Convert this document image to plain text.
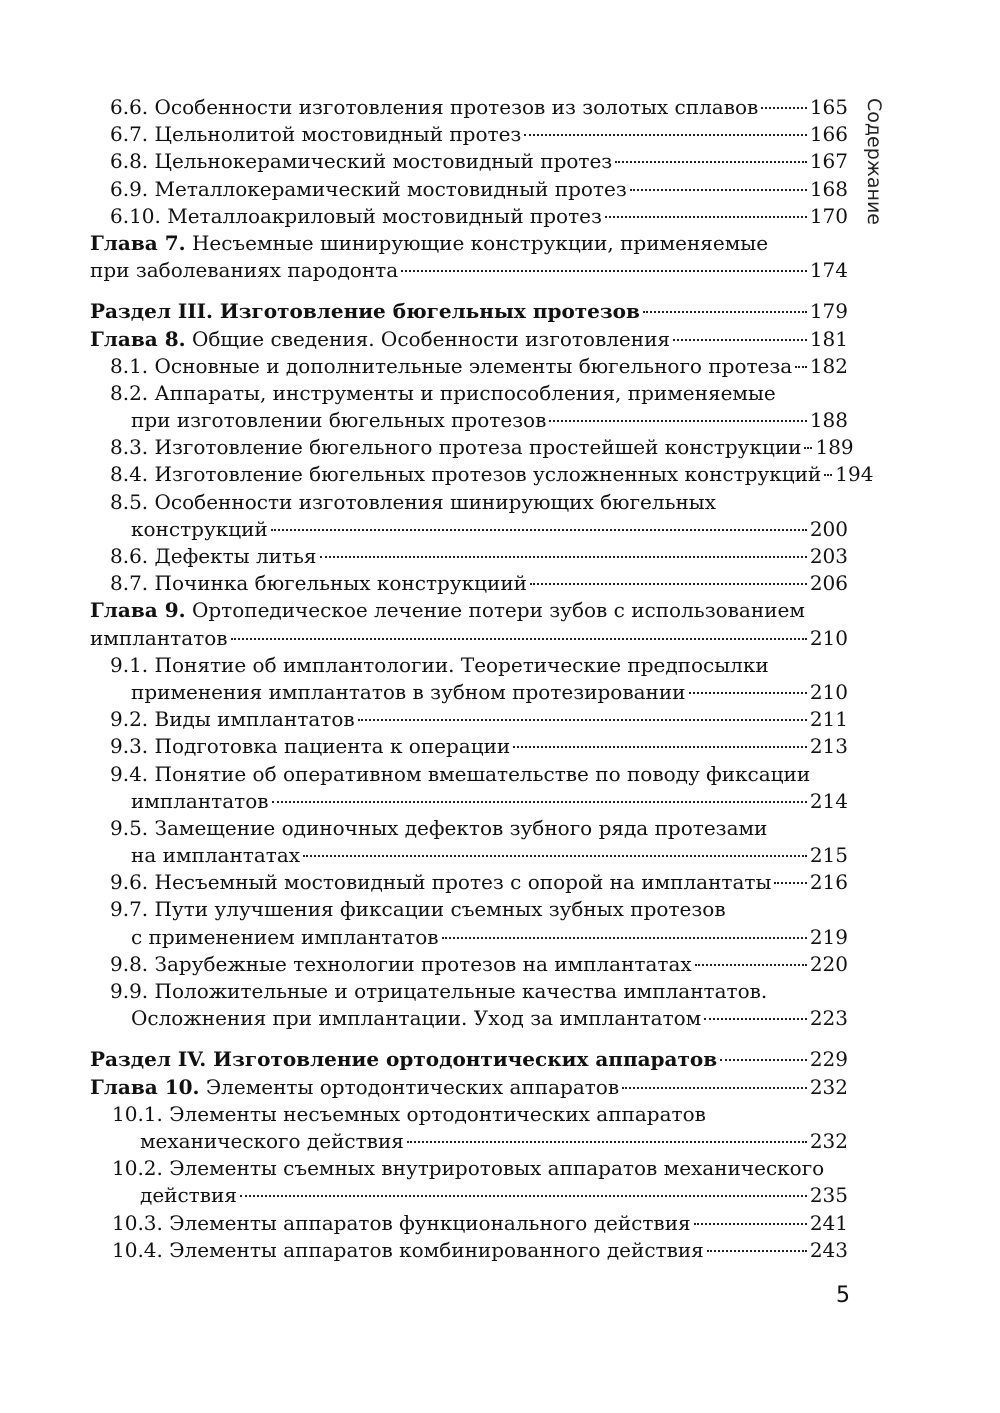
6.6. Особенности изготовления протезов из золотых сплавов	165
6.7. Цельнолитой мостовидный протез	166
6.8. Цельнокерамический мостовидный протез	167
6.9. Металлокерамический мостовидный протез	168
6.10. Металлоакриловый мостовидный протез	170
Глава 7. Несъемные шинирующие конструкции, применяемые
при заболеваниях пародонта	174
Раздел III. Изготовление бюгельных протезов	179
Глава 8. Общие сведения. Особенности изготовления	181
8.1. Основные и дополнительные элементы бюгельного протеза 182
8.2. Аппараты, инструменты и приспособления, применяемые
при изготовлении бюгельных протезов	188
8.3. Изготовление бюгельного протеза простейшей конструкции 189
8.4. Изготовление бюгельных протезов усложненных конструкций 194
8.5. Особенности изготовления шинирующих бюгельных
конструкций	200
8.6. Дефекты литья	203
8.7. Починка бюгельных конструкциий	206
Глава 9. Ортопедическое лечение потери зубов с использованием
имплантатов	210
9.1. Понятие об имплантологии. Теоретические предпосылки
применения имплантатов в зубном протезировании	210
9.2. Виды имплантатов	211
9.3. Подготовка пациента к операции	213
9.4. Понятие об оперативном вмешательстве по поводу фиксации
имплантатов	214
9.5. Замещение одиночных дефектов зубного ряда протезами
на имплантатах	215
9.6. Несъемный мостовидный протез с опорой на имплантаты 216
9.7. Пути улучшения фиксации съемных зубных протезов
с применением имплантатов	219
9.8. Зарубежные технологии протезов на имплантатах	220
9.9. Положительные и отрицательные качества имплантатов.
Осложнения при имплантации. Уход за имплантатом	223
Раздел IV. Изготовление ортодонтических аппаратов	229
Глава 10. Элементы ортодонтических аппаратов	232
10.1. Элементы несъемных ортодонтических аппаратов
механического действия	232
10.2. Элементы съемных внутриротовых аппаратов механического
действия	235
10.3. Элементы аппаратов функционального действия	241
10.4. Элементы аппаратов комбинированного действия	243
Содержание
5
